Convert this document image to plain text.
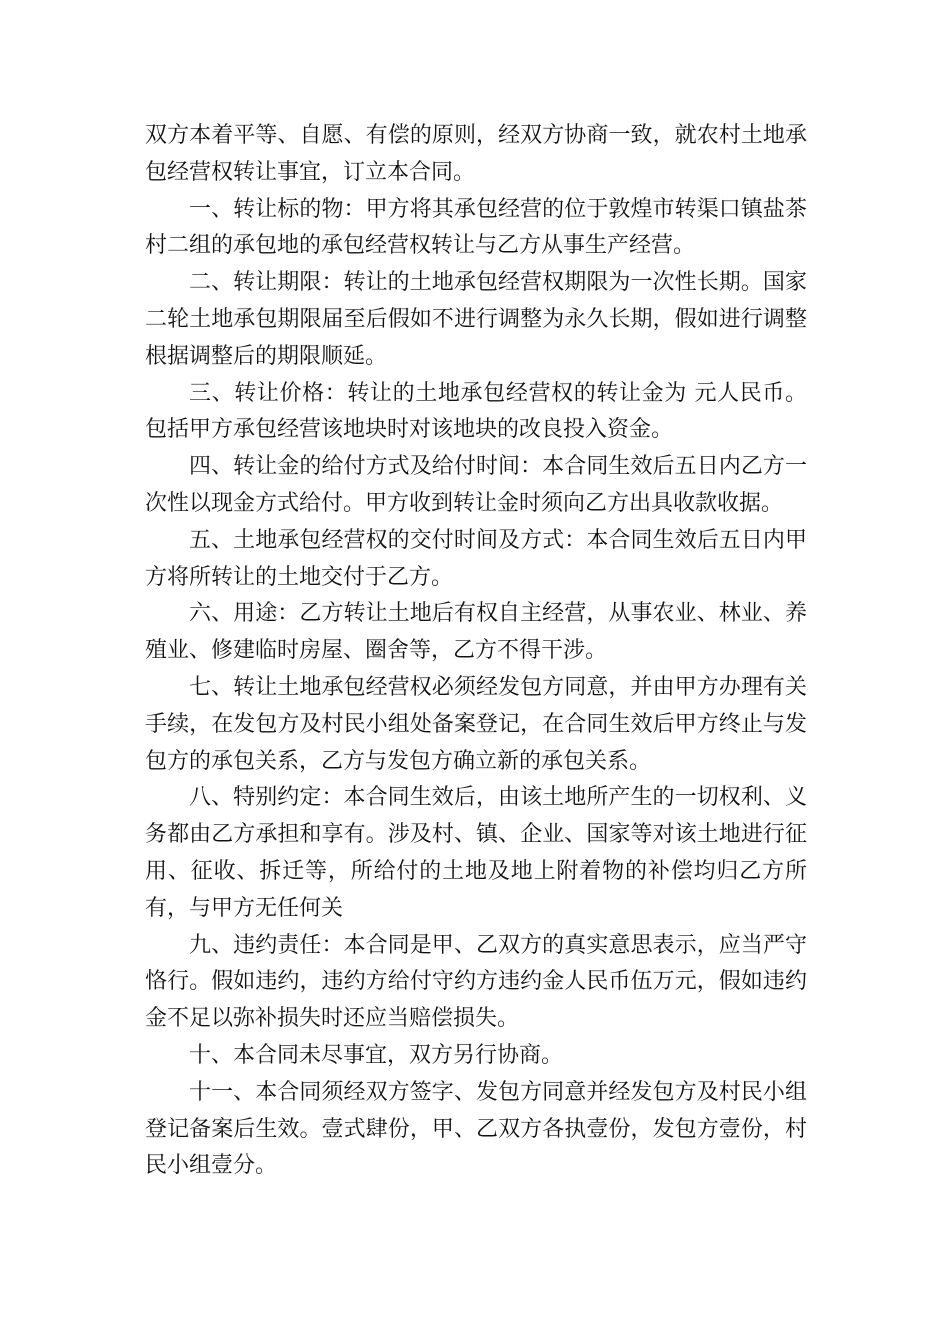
双方本着平等、自愿、有偿的原则，经双方协商一致，就农村土地承包经营权转让事宜，订立本合同。

一、转让标的物：甲方将其承包经营的位于敦煌市转渠口镇盐茶村二组的承包地的承包经营权转让与乙方从事生产经营。

二、转让期限：转让的土地承包经营权期限为一次性长期。国家二轮土地承包期限届至后假如不进行调整为永久长期，假如进行调整根据调整后的期限顺延。

三、转让价格：转让的土地承包经营权的转让金为 元人民币。包括甲方承包经营该地块时对该地块的改良投入资金。

四、转让金的给付方式及给付时间：本合同生效后五日内乙方一次性以现金方式给付。甲方收到转让金时须向乙方出具收款收据。

五、土地承包经营权的交付时间及方式：本合同生效后五日内甲方将所转让的土地交付于乙方。

六、用途：乙方转让土地后有权自主经营，从事农业、林业、养殖业、修建临时房屋、圈舍等，乙方不得干涉。

七、转让土地承包经营权必须经发包方同意，并由甲方办理有关手续，在发包方及村民小组处备案登记，在合同生效后甲方终止与发包方的承包关系，乙方与发包方确立新的承包关系。

八、特别约定：本合同生效后，由该土地所产生的一切权利、义务都由乙方承担和享有。涉及村、镇、企业、国家等对该土地进行征用、征收、拆迁等，所给付的土地及地上附着物的补偿均归乙方所有，与甲方无任何关

九、违约责任：本合同是甲、乙双方的真实意思表示，应当严守恪行。假如违约，违约方给付守约方违约金人民币伍万元，假如违约金不足以弥补损失时还应当赔偿损失。

十、本合同未尽事宜，双方另行协商。

十一、本合同须经双方签字、发包方同意并经发包方及村民小组登记备案后生效。壹式肆份，甲、乙双方各执壹份，发包方壹份，村民小组壹分。
